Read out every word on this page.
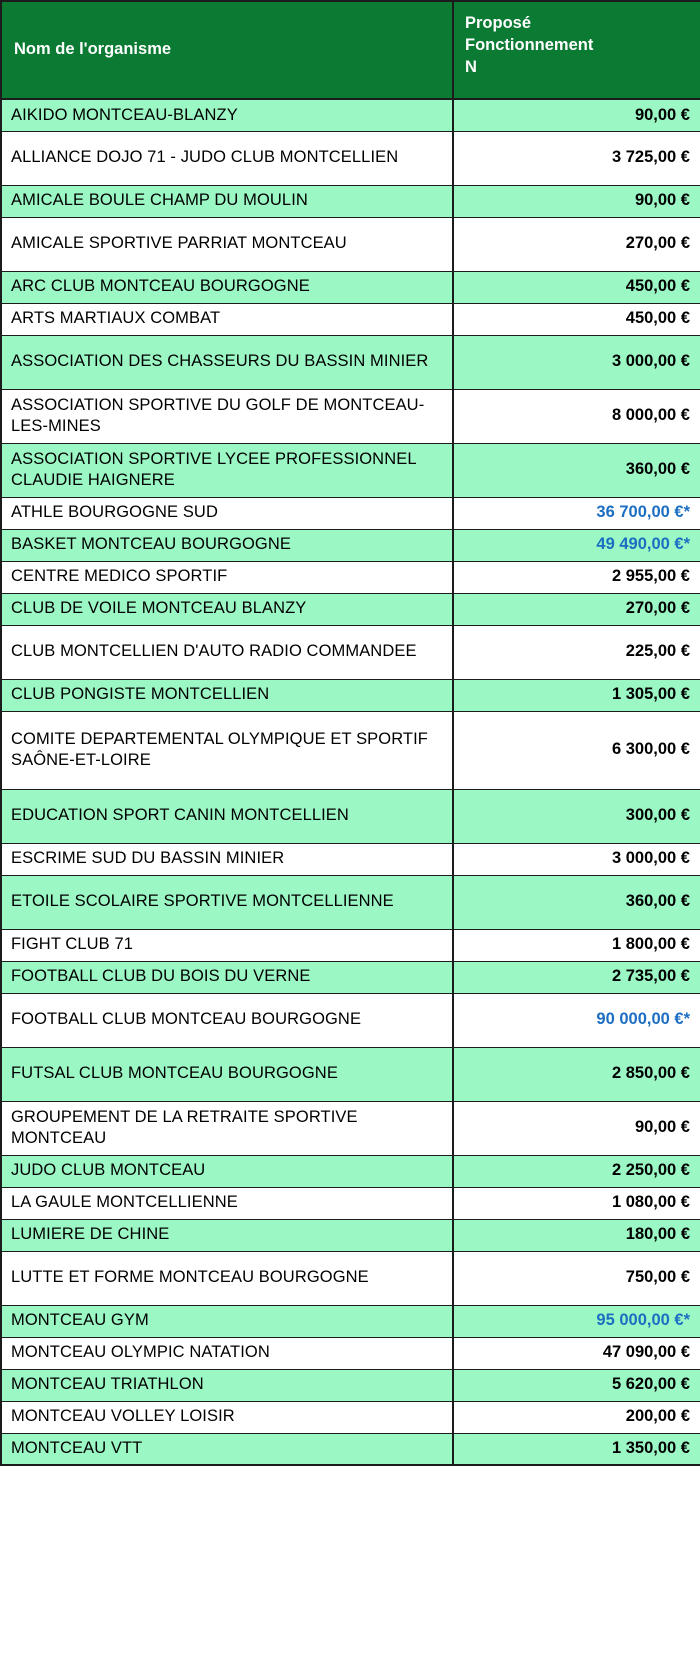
Nom de l'organisme	Proposé
Fonctionnement
N
AIKIDO MONTCEAU-BLANZY	90,00 €
ALLIANCE DOJO 71 - JUDO CLUB MONTCELLIEN	3 725,00 €
AMICALE BOULE CHAMP DU MOULIN	90,00 €
AMICALE SPORTIVE PARRIAT MONTCEAU	270,00 €
ARC CLUB MONTCEAU BOURGOGNE	450,00 €
ARTS MARTIAUX COMBAT	450,00 €
ASSOCIATION DES CHASSEURS DU BASSIN MINIER	3 000,00 €
ASSOCIATION SPORTIVE DU GOLF DE MONTCEAU-LES-MINES	8 000,00 €
ASSOCIATION SPORTIVE LYCEE PROFESSIONNEL CLAUDIE HAIGNERE	360,00 €
ATHLE BOURGOGNE SUD	36 700,00 €*
BASKET MONTCEAU BOURGOGNE	49 490,00 €*
CENTRE MEDICO SPORTIF	2 955,00 €
CLUB DE VOILE MONTCEAU BLANZY	270,00 €
CLUB MONTCELLIEN D'AUTO RADIO COMMANDEE	225,00 €
CLUB PONGISTE MONTCELLIEN	1 305,00 €
COMITE DEPARTEMENTAL OLYMPIQUE ET SPORTIF SAÔNE-ET-LOIRE	6 300,00 €
EDUCATION SPORT CANIN MONTCELLIEN	300,00 €
ESCRIME SUD DU BASSIN MINIER	3 000,00 €
ETOILE SCOLAIRE SPORTIVE MONTCELLIENNE	360,00 €
FIGHT CLUB 71	1 800,00 €
FOOTBALL CLUB DU BOIS DU VERNE	2 735,00 €
FOOTBALL CLUB MONTCEAU BOURGOGNE	90 000,00 €*
FUTSAL CLUB MONTCEAU BOURGOGNE	2 850,00 €
GROUPEMENT DE LA RETRAITE SPORTIVE MONTCEAU	90,00 €
JUDO CLUB MONTCEAU	2 250,00 €
LA GAULE MONTCELLIENNE	1 080,00 €
LUMIERE DE CHINE	180,00 €
LUTTE ET FORME MONTCEAU BOURGOGNE	750,00 €
MONTCEAU GYM	95 000,00 €*
MONTCEAU OLYMPIC NATATION	47 090,00 €
MONTCEAU TRIATHLON	5 620,00 €
MONTCEAU VOLLEY LOISIR	200,00 €
MONTCEAU VTT	1 350,00 €
